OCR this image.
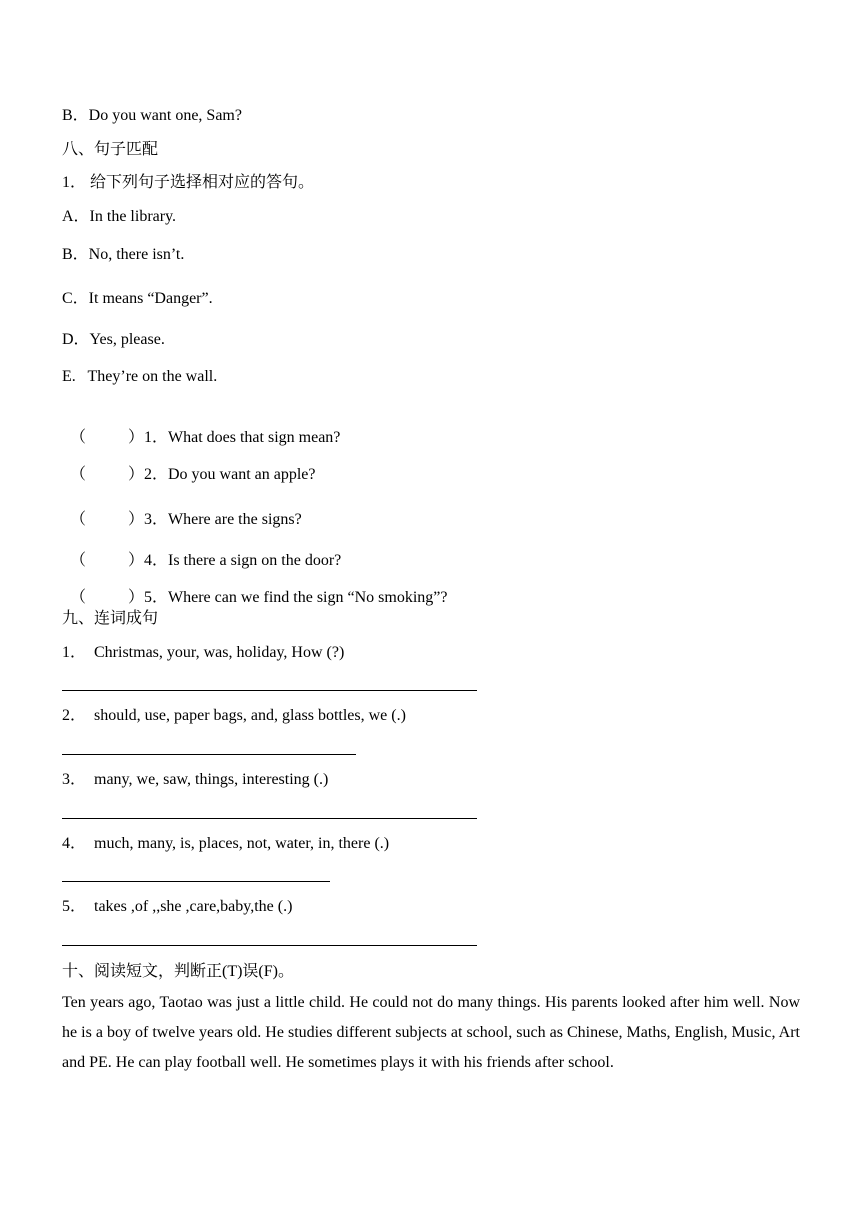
B．Do you want one, Sam?
八、句子匹配
1． 给下列句子选择相对应的答句。
A．In the library.
B．No, there isn’t.
C．It means “Danger”.
D．Yes, please.
E.   They’re on the wall.

（	）1．What does that sign mean?

（	）2．Do you want an apple?

（	）3．Where are the signs?

（	）4．Is there a sign on the door?

（	）5．Where can we find the sign “No smoking”?

九、连词成句
1．  Christmas, your, was, holiday, How (?)
2．  should, use, paper bags, and, glass bottles, we (.)
3．  many, we, saw, things, interesting (.)
4．  much, many, is, places, not, water, in, there (.)
5．  takes ,of ,,she ,care,baby,the (.)
十、阅读短文，判断正(T)误(F)。
Ten years ago, Taotao was just a little child. He could not do many things. His parents looked after him well. Now he is a boy of twelve years old. He studies different subjects at school, such as Chinese, Maths, English, Music, Art and PE. He can play football well. He sometimes plays it with his friends after school.
